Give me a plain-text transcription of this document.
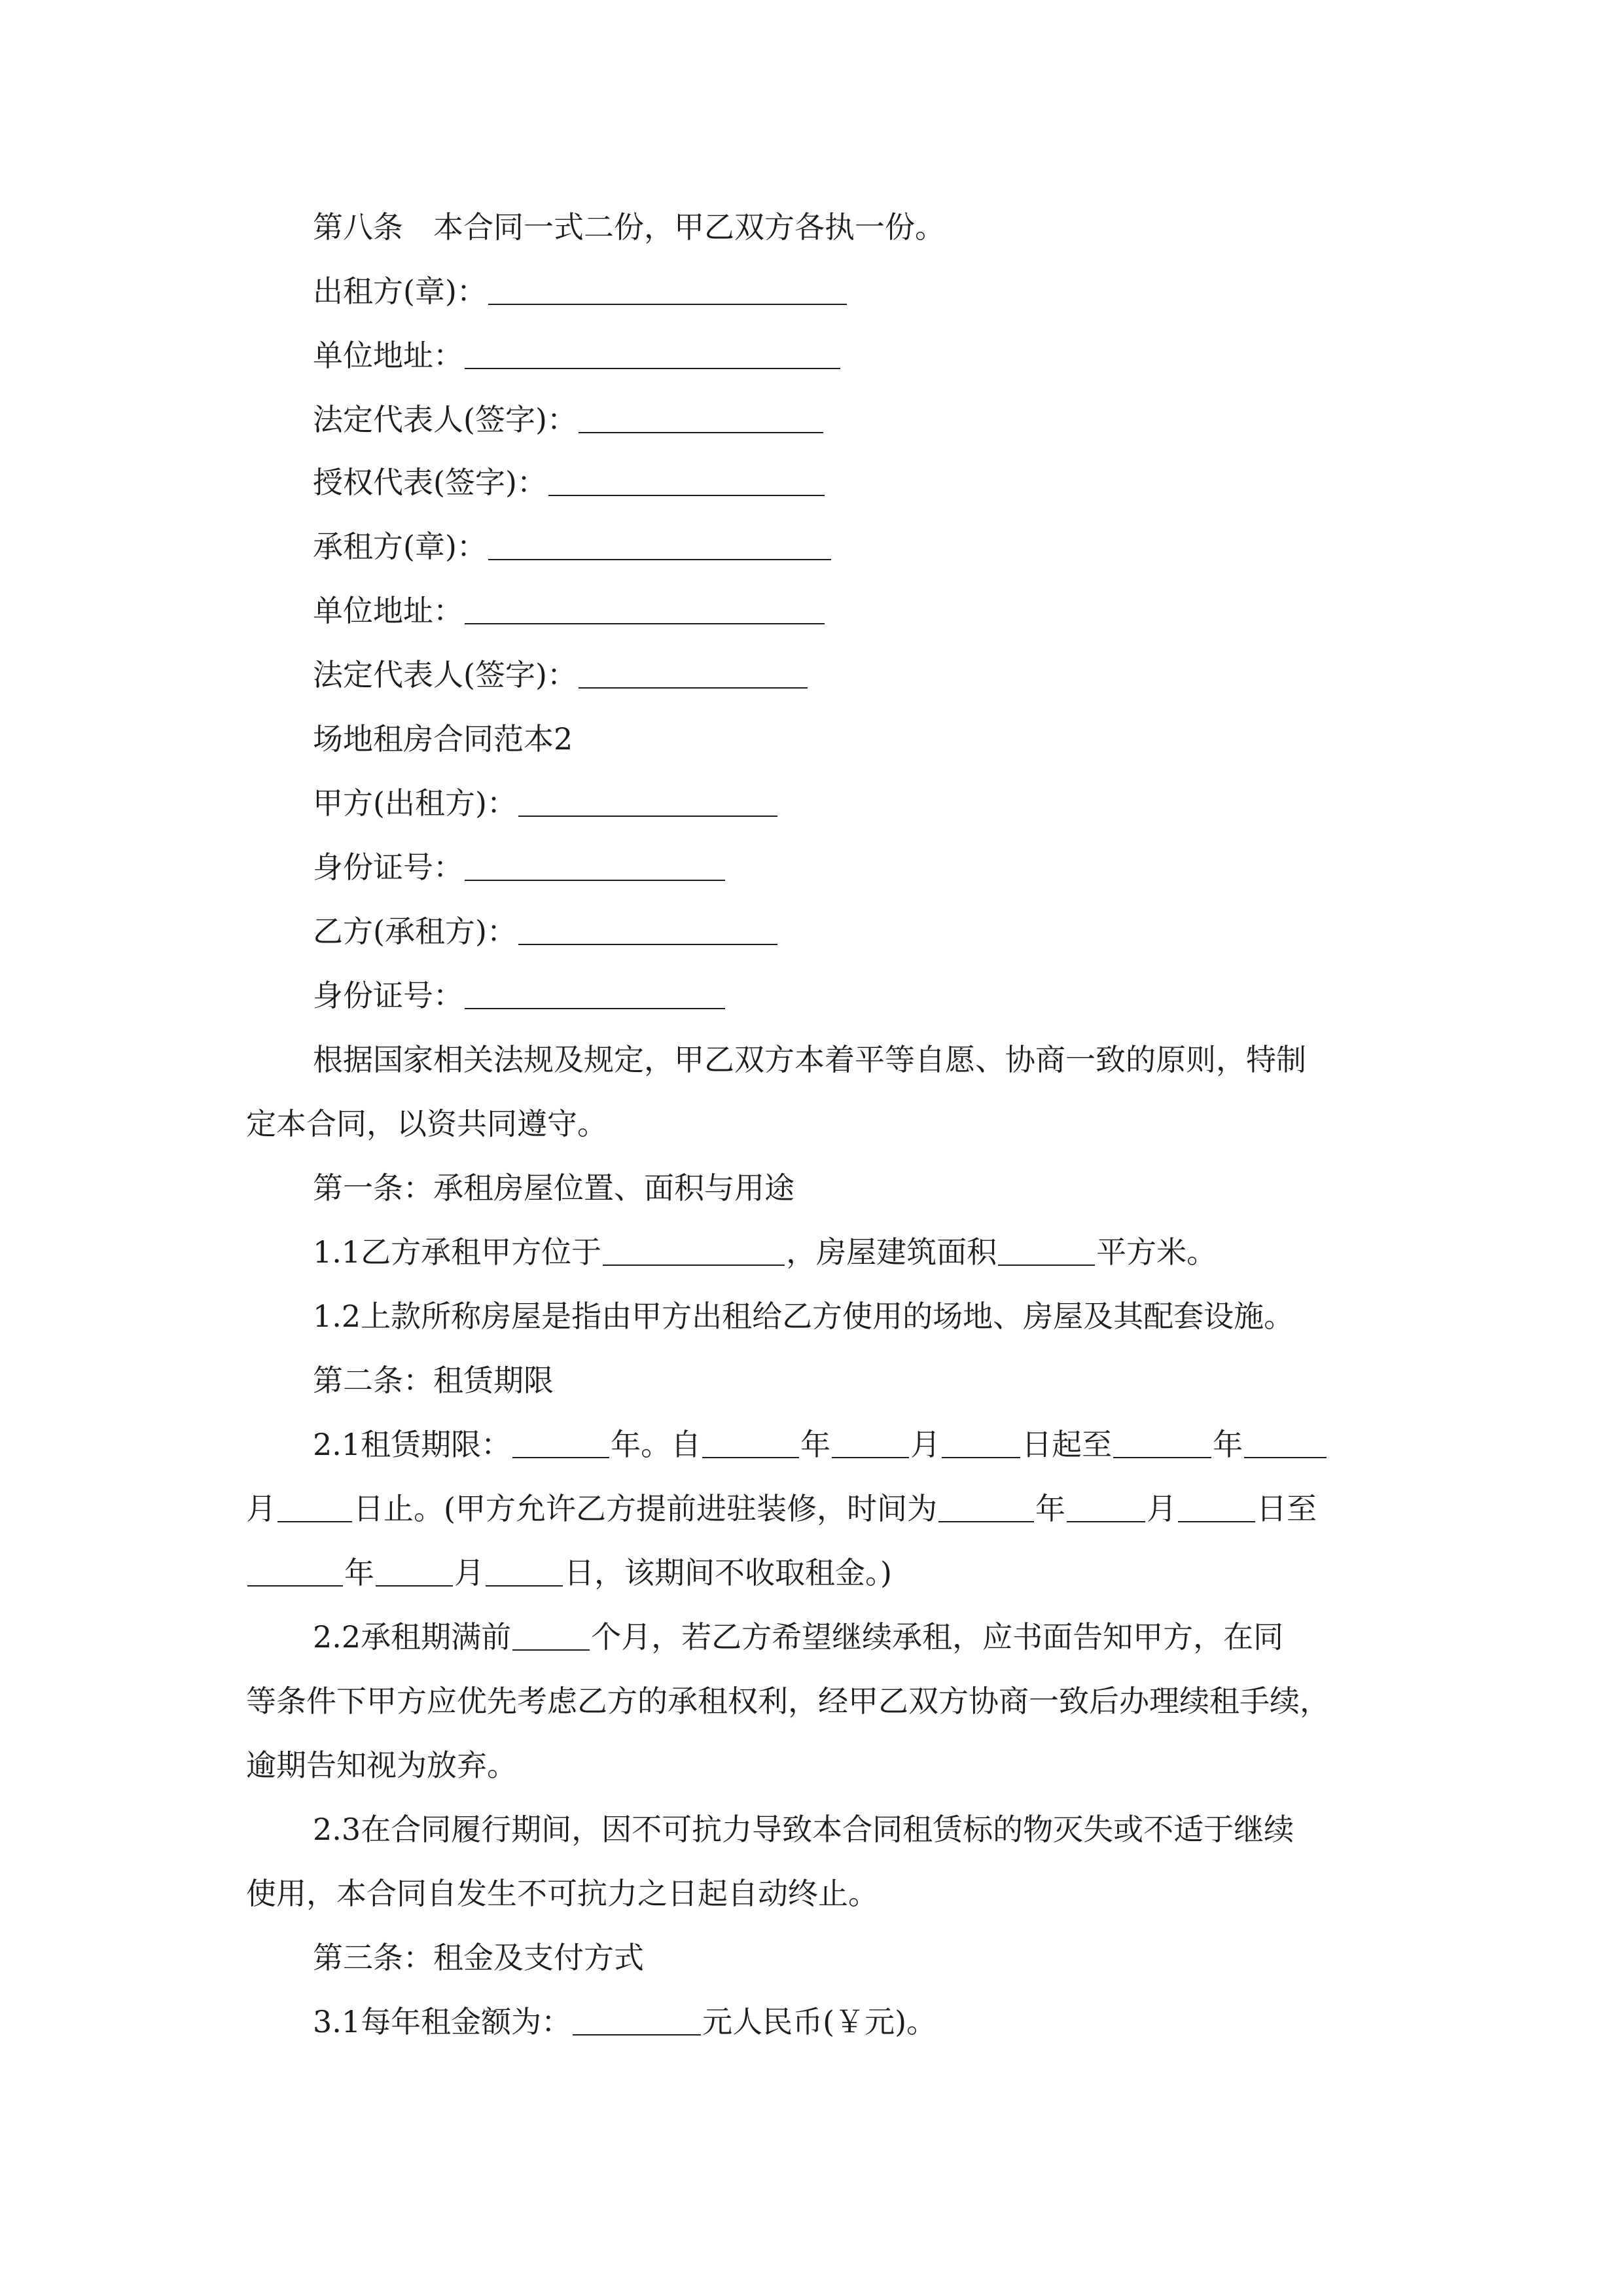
第八条　本合同一式二份，甲乙双方各执一份。
出租方(章)：
单位地址：
法定代表人(签字)：
授权代表(签字)：
承租方(章)：
单位地址：
法定代表人(签字)：
场地租房合同范本2
甲方(出租方)：
身份证号：
乙方(承租方)：
身份证号：
根据国家相关法规及规定，甲乙双方本着平等自愿、协商一致的原则，特制
定本合同，以资共同遵守。
第一条：承租房屋位置、面积与用途
1.1乙方承租甲方位于	，房屋建筑面积	平方米。
1.2上款所称房屋是指由甲方出租给乙方使用的场地、房屋及其配套设施。
第二条：租赁期限
2.1租赁期限：	年。自	年	月	日起至	年
月	日止。(甲方允许乙方提前进驻装修，时间为	年	月	日至
年	月	日，该期间不收取租金。)
2.2承租期满前	个月，若乙方希望继续承租，应书面告知甲方，在同
等条件下甲方应优先考虑乙方的承租权利，经甲乙双方协商一致后办理续租手续，
逾期告知视为放弃。
2.3在合同履行期间，因不可抗力导致本合同租赁标的物灭失或不适于继续
使用，本合同自发生不可抗力之日起自动终止。
第三条：租金及支付方式
3.1每年租金额为：	元人民币(￥元)。
